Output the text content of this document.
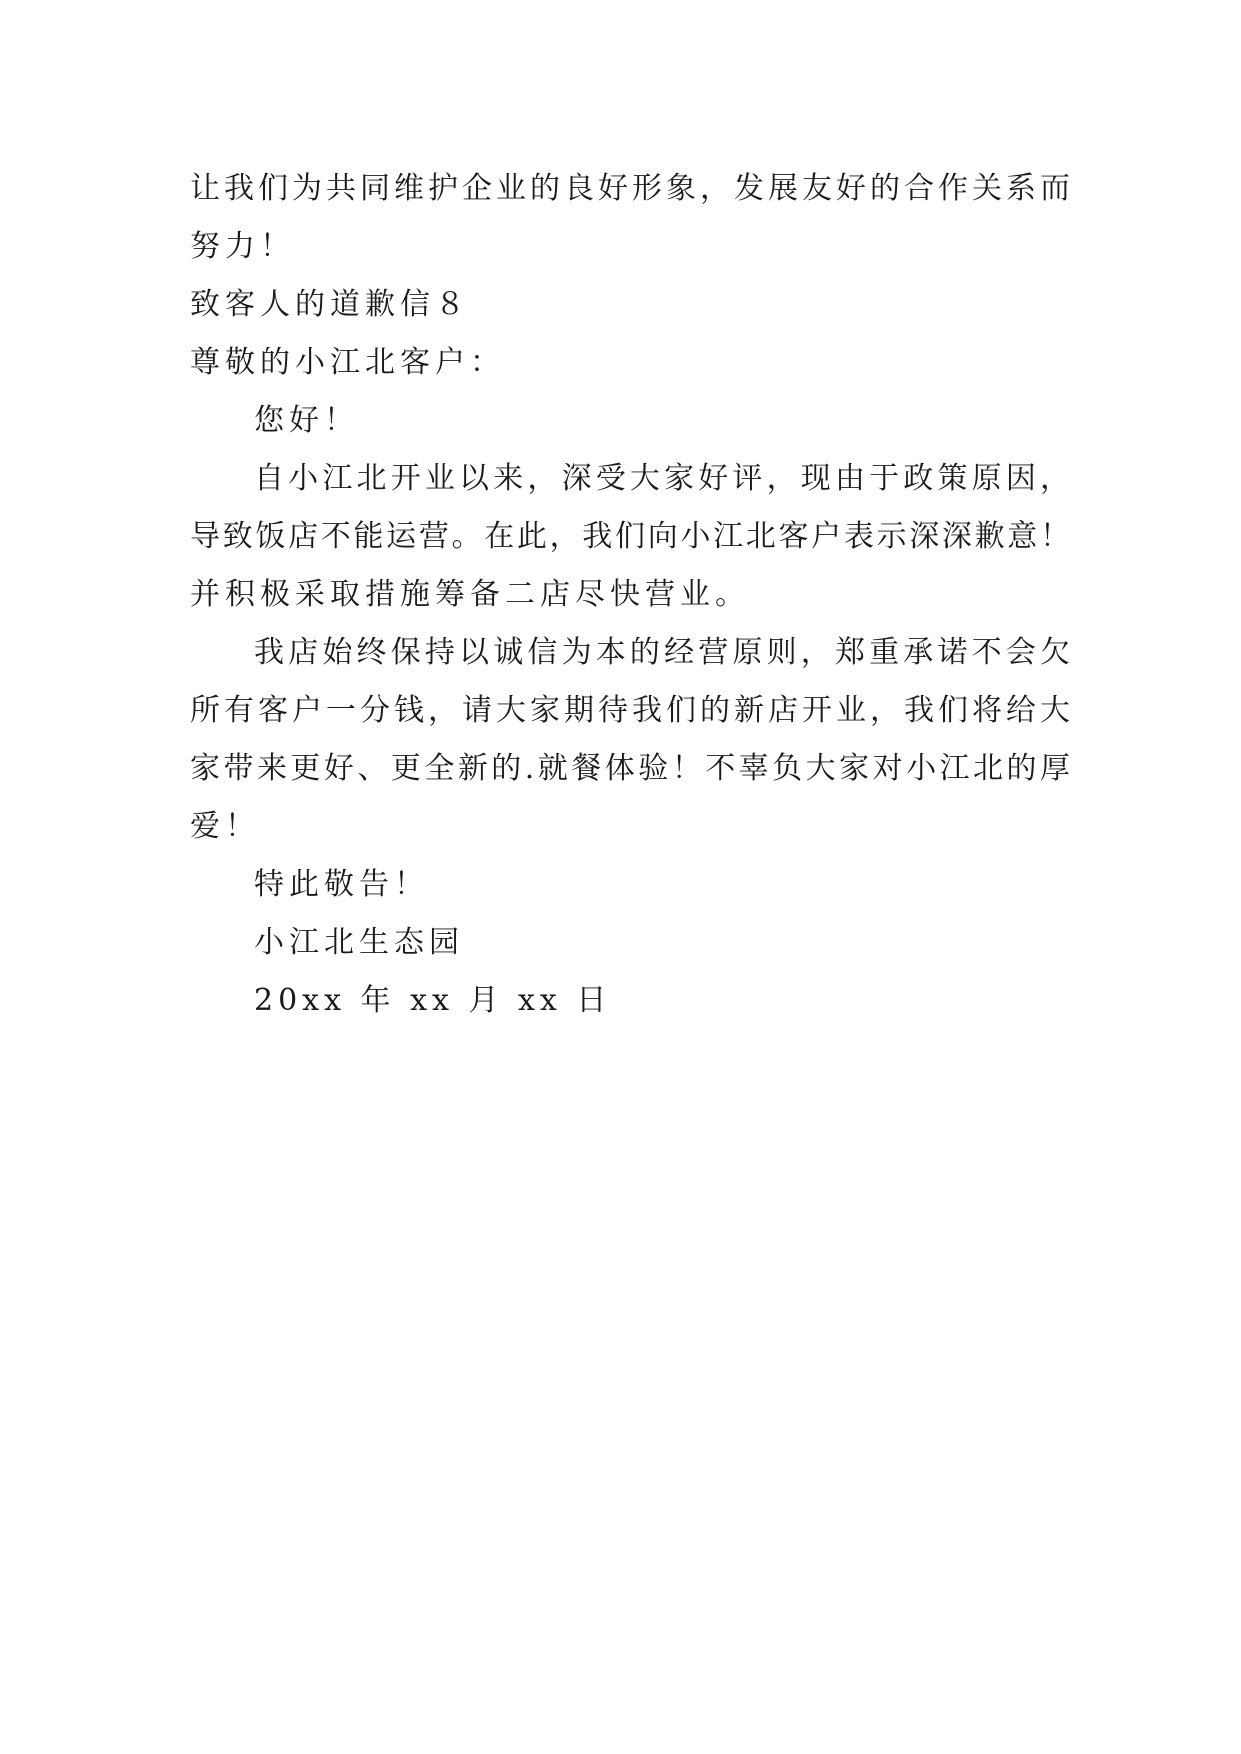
让我们为共同维护企业的良好形象，发展友好的合作关系而

努力！

致客人的道歉信８

尊敬的小江北客户：

您好！

自小江北开业以来，深受大家好评，现由于政策原因，

导致饭店不能运营。在此，我们向小江北客户表示深深歉意！

并积极采取措施筹备二店尽快营业。

我店始终保持以诚信为本的经营原则，郑重承诺不会欠

所有客户一分钱，请大家期待我们的新店开业，我们将给大

家带来更好、更全新的.就餐体验！不辜负大家对小江北的厚

爱！

特此敬告！

小江北生态园

20xx 年 xx 月 xx 日
